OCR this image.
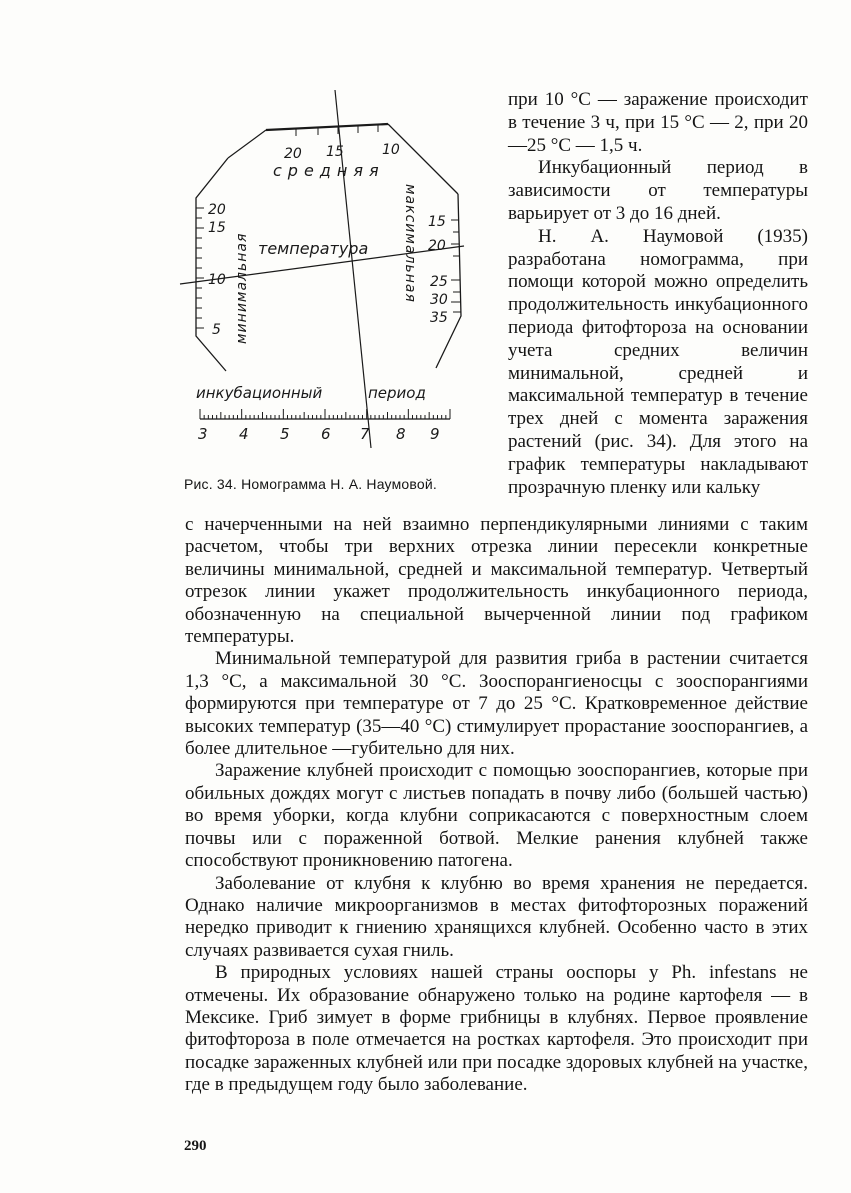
при 10 °C — заражение происходит в течение 3 ч, при 15 °C — 2, при 20—25 °C — 1,5 ч.

Инкубационный период в зависимости от температуры варьирует от 3 до 16 дней.

Н. А. Наумовой (1935) разработана номограмма, при помощи которой можно определить продолжительность инкубационного периода фитофтороза на основании учета средних величин минимальной, средней и максимальной температур в течение трех дней с момента заражения растений (рис. 34). Для этого на график температуры накладывают прозрачную пленку или кальку

средняя
температура
инкубационный	период
минимальная	максимальная
20 15	10
20
15
10
5
15
20
25
30
35
3 4 5 6 7 8 9
Рис. 34. Номограмма Н. А. Наумовой.

с начерченными на ней взаимно перпендикулярными линиями с таким расчетом, чтобы три верхних отрезка линии пересекли конкретные величины минимальной, средней и максимальной температур. Четвертый отрезок линии укажет продолжительность инкубационного периода, обозначенную на специальной вычерченной линии под графиком температуры.

Минимальной температурой для развития гриба в растении считается 1,3 °C, а максимальной 30 °C. Зооспорангиеносцы с зооспорангиями формируются при температуре от 7 до 25 °C. Кратковременное действие высоких температур (35—40 °C) стимулирует прорастание зооспорангиев, а более длительное —губительно для них.

Заражение клубней происходит с помощью зооспорангиев, которые при обильных дождях могут с листьев попадать в почву либо (большей частью) во время уборки, когда клубни соприкасаются с поверхностным слоем почвы или с пораженной ботвой. Мелкие ранения клубней также способствуют проникновению патогена.

Заболевание от клубня к клубню во время хранения не передается. Однако наличие микроорганизмов в местах фитофторозных поражений нередко приводит к гниению хранящихся клубней. Особенно часто в этих случаях развивается сухая гниль.

В природных условиях нашей страны ооспоры у Ph. infestans не отмечены. Их образование обнаружено только на родине картофеля — в Мексике. Гриб зимует в форме грибницы в клубнях. Первое проявление фитофтороза в поле отмечается на ростках картофеля. Это происходит при посадке зараженных клубней или при посадке здоровых клубней на участке, где в предыдущем году было заболевание.

290
